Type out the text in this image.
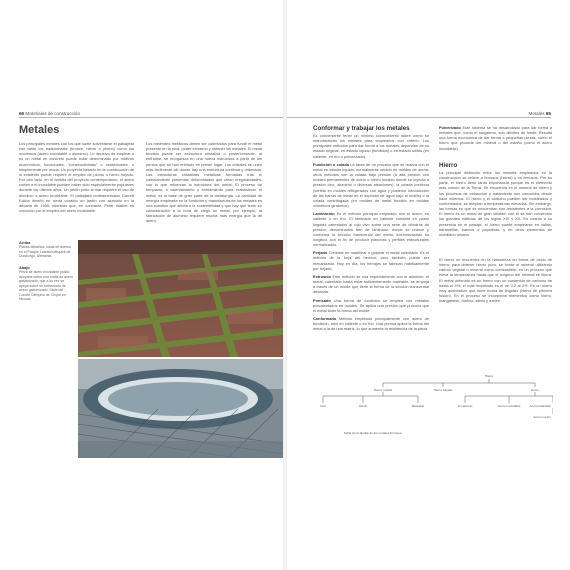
66 Materiales de construcción
Metales
Los principales metales con los que suele solventarse el paisajista son tanto los tradicionales (bronce, hierro o plomo) como los modernos (acero inoxidable o aluminio). Lo decisivo de emplear o no un metal en concreto puede estar determinado por motivos económicos, funcionales, “constructivistas” o contextuales, o simplemente por moda. Un proyecto basado en la construcción de lo existente puede requerir el empleo de plomo o hierro forjado. Por otro lado, en el ámbito del proyecto contemporáneo, el acero corten o el inoxidable pueden haber sido especialmente populares durante los últimos años. Un jardín junto al mar requiere el uso de aluminio o acero inoxidable. El paisajista norteamericano Garrett Eckbo diseñó en cierta ocasión un jardín con aluminio en la década de 1950; mientras que, en contraste, Peter Walker es conocido por el empleo del acero inoxidable.
Los minerales metálicos deben ser calentados para fundir el metal presente en la roca, poder extraerlo y obtener los metales. El metal fundido puede ser estructura cristalina o posteriormente; al enfriarse, se reorganiza en una nueva estructura a partir de los puntos que se han enfriado en primer lugar. Los cristales se unen más fácilmente allí donde hay una estructura continua y ordenada. Las estructuras cristalinas metálicas formadas tras el calentamiento presentan deformidades que crean irregularidades, con lo que refuerzan la estructura del metal. El proceso de templado, o calentamiento y enfriamiento para reabastecer el metal, es la base de gran parte de la metalurgia. La cantidad de energía empleada en la fundición y manufactura de los metales es una cuestión que afecta a la sostenibilidad y que hay que tener en consideración a la hora de elegir un metal; por ejemplo, la fabricación de aluminio requiere mucha más energía que la de acero.
Arriba
Plazas Metallica: losas de aceros en el Parque Landschaftspark de Duisburgo, Alemania.
Abajo
Pieza de acero inoxidable pulido apoyada sobre una malla de acero galvanizado, que a su vez se apoya sobre un entramado de acero galvanizado. Sede del Comité Olímpico de Chipre en Nicosia.
Metales 65
Conformar y trabajar los metales

Es conveniente tener un mínimo conocimiento sobre cómo se manufacturan los metales para emplearlos con criterio. Los principales métodos para dar forma a los metales dependen de su estado original: en estado líquido (fundidos) o en estado sólido (en caliente, en frío o pulverizado).

Fundición o colada La tarea de un proceso que se realiza con el metal en estado líquido, normalmente vertido en moldes de arena; otros métodos son la colada bajo presión (a alta presión con moldes permanentes de acero o hierro fundido donde se inyecta a presión cinc, aluminio o diversas aleaciones), la colada continua (vertido en moldes refrigerados con agua y posterior introducción de las barras de metal en el depósito de agua bajo el molde) o la colada centrifugada (en moldes de metal fundido en moldes cilíndricos giratorios).

Laminación Es el método principal empleado con el acero, en caliente o en frío. El laminado en caliente consiste en pasar lingotes calentados al rojo vivo sobre una serie de cilindros de presión, denominados tren de laminado, donde se reduce y conforma la sección transversal del metal, incrementando su longitud, con el fin de producir planchas y perfiles estructurales normalizados.

Forjado Consiste en martillear o golpear el metal calentado. Es el método de la forja del herrero, pero también puede ser mecanizado. Hoy en día, los herrajes se fabrican habitualmente por forjado.

Extrusión Este método se usa especialmente con el aluminio; el metal, calentado hasta estar suficientemente maleable, se empuja a través de un molde que tiene la forma de la sección transversal deseada.

Prensado Una forma de fundición se emplea con metales precalentados en moldes. Se aplica una presión que provoca que el metal tome la forma del molde.

Conformado Método empleado principalmente con acero de fundición, bien en caliente o en frío. Una prensa aplica la forma del metal a la de una matriz, lo que aumenta la resistencia de la pieza.

Pulverizado Este sistema se ha desarrollado para dar forma a metales que, como el tungsteno, son difíciles de fundir. Resulta una forma económica de dar forma a pequeñas piezas, como el hierro que procede del mineral o del estaño (como el acero inoxidable).
Hierro
La principal distinción entre los metales empleados en la construcción se refiere a ferrosos (hierro) y no ferrosos. Por su parte, el hierro tiene tanta importancia porque es el elemento más común de la Tierra. Se encuentra en el mineral de hierro y los procesos de extracción y tratamiento son conocidos desde hace milenios. El hierro y el carbono pueden ser moldeados y conformados, se templan a temperaturas elevadas. Sin embargo, las formas en que se encuentran son resistentes a la corrosión. El hierro es un metal de gran utilidad: con él se han construido los grandes edificios de los siglos XIX y XX. En cuanto a su presencia en el paisaje, el hierro puede emplearse en vallas, barandillas, bancos o papeleras, y en otros elementos de mobiliario urbano.
El hierro se encuentra en la naturaleza en forma de óxido de hierro; para obtener hierro puro, se funde el mineral utilizando carbón vegetal o mineral como combustible, en un proceso que eleva la temperatura hasta que el oxígeno del mineral se libera. El metal obtenido es un hierro con un contenido de carbono de hasta el 4%; el más empleado es el de 0,2 al 2%. Es un hierro muy quebradizo que tiene forma de lingotes (hierro de primera fusión). En el proceso se incorporan elementos como hierro, manganeso, fósforo, silicio y azufre.
Hierro
Hierro colado	Hierro forjado	Acero
Gris	Dúctil	Maleable	Al carbono	Acero inoxidable	Acero patinable
Acero corten
Tabla de la familia de los metales ferrosos.
